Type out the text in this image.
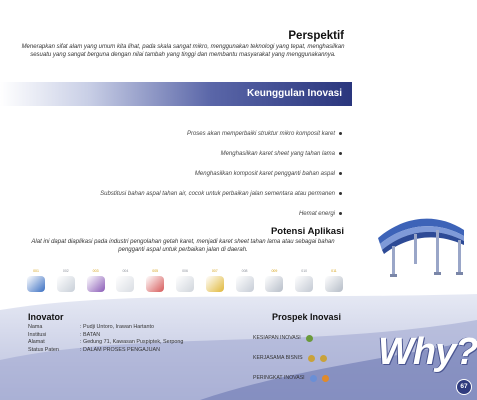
Perspektif

Menerapkan sifat alam yang umum kita lihat, pada skala sangat mikro, menggunakan teknologi yang tepat, menghasilkan sesuatu yang sangat berguna dengan nilai tambah yang tinggi dan membantu masyarakat yang menggunakannya.

Keunggulan Inovasi
Proses akan memperbaiki struktur mikro komposit karet
Menghasilkan karet sheet yang tahan lama
Menghasilkan komposit karet pengganti bahan aspal
Substitusi bahan aspal tahan air, cocok untuk perbaikan jalan sementara atau permanen
Hemat energi
Potensi Aplikasi

Alat ini dapat diaplikasi pada industri pengolahan getah karet, menjadi karet sheet tahan lama atau sebagai bahan pengganti aspal untuk perbaikan jalan di daerah.

001	002	003	004	005	006	007	008	009	010	011
Inovator
Nama	: Pudji Untoro, Irawan Hartanto
Institusi	: BATAN
Alamat	: Gedung 71, Kawasan Puspiptek, Serpong
Status Paten	: DALAM PROSES PENGAJUAN
Prospek Inovasi
KESIAPAN INOVASI
KERJASAMA BISNIS
PERINGKAT INOVASI
Why?
67
